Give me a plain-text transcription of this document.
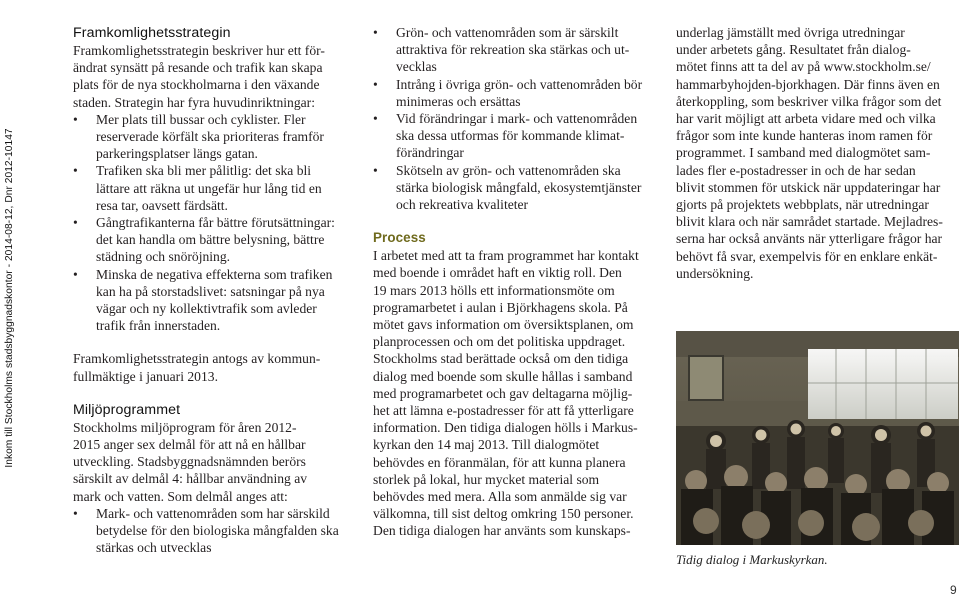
Inkom till Stockholms stadsbyggnadskontor - 2014-08-12, Dnr 2012-10147
Framkomlighetsstrategin

Framkomlighetsstrategin beskriver hur ett för-
ändrat synsätt på resande och trafik kan skapa
plats för de nya stockholmarna i den växande
staden. Strategin har fyra huvudinriktningar:

• Mer plats till bussar och cyklister. Fler
reserverade körfält ska prioriteras framför
parkeringsplatser längs gatan.
• Trafiken ska bli mer pålitlig: det ska bli
lättare att räkna ut ungefär hur lång tid en
resa tar, oavsett färdsätt.
• Gångtrafikanterna får bättre förutsättningar:
det kan handla om bättre belysning, bättre
städning och snöröjning.
• Minska de negativa effekterna som trafiken
kan ha på storstadslivet: satsningar på nya
vägar och ny kollektivtrafik som avleder
trafik från innerstaden.

Framkomlighetsstrategin antogs av kommun-
fullmäktige i januari 2013.

Miljöprogrammet

Stockholms miljöprogram för åren 2012-
2015 anger sex delmål för att nå en hållbar
utveckling. Stadsbyggnadsnämnden berörs
särskilt av delmål 4: hållbar användning av
mark och vatten. Som delmål anges att:

• Mark- och vattenområden som har särskild
betydelse för den biologiska mångfalden ska
stärkas och utvecklas
• Grön- och vattenområden som är särskilt
attraktiva för rekreation ska stärkas och ut-
vecklas
• Intrång i övriga grön- och vattenområden bör
minimeras och ersättas
• Vid förändringar i mark- och vattenområden
ska dessa utformas för kommande klimat-
förändringar
• Skötseln av grön- och vattenområden ska
stärka biologisk mångfald, ekosystemtjänster
och rekreativa kvaliteter
Process

I arbetet med att ta fram programmet har kontakt
med boende i området haft en viktig roll. Den
19 mars 2013 hölls ett informationsmöte om
programarbetet i aulan i Björkhagens skola. På
mötet gavs information om översiktsplanen, om
planprocessen och om det politiska uppdraget.
Stockholms stad berättade också om den tidiga
dialog med boende som skulle hållas i samband
med programarbetet och gav deltagarna möjlig-
het att lämna e-postadresser för att få ytterligare
information. Den tidiga dialogen hölls i Markus-
kyrkan den 14 maj 2013. Till dialogmötet
behövdes en föranmälan, för att kunna planera
storlek på lokal, hur mycket material som
behövdes med mera. Alla som anmälde sig var
välkomna, till sist deltog omkring 150 personer.
Den tidiga dialogen har använts som kunskaps-

underlag jämställt med övriga utredningar
under arbetets gång. Resultatet från dialog-
mötet finns att ta del av på www.stockholm.se/
hammarbyhojden-bjorkhagen. Där finns även en
återkoppling, som beskriver vilka frågor som det
har varit möjligt att arbeta vidare med och vilka
frågor som inte kunde hanteras inom ramen för
programmet. I samband med dialogmötet sam-
lades fler e-postadresser in och de har sedan
blivit stommen för utskick när uppdateringar har
gjorts på projektets webbplats, när utredningar
blivit klara och när samrådet startade. Mejladres-
serna har också använts när ytterligare frågor har
behövt få svar, exempelvis för en enklare enkät-
undersökning.

Tidig dialog i Markuskyrkan.
9
